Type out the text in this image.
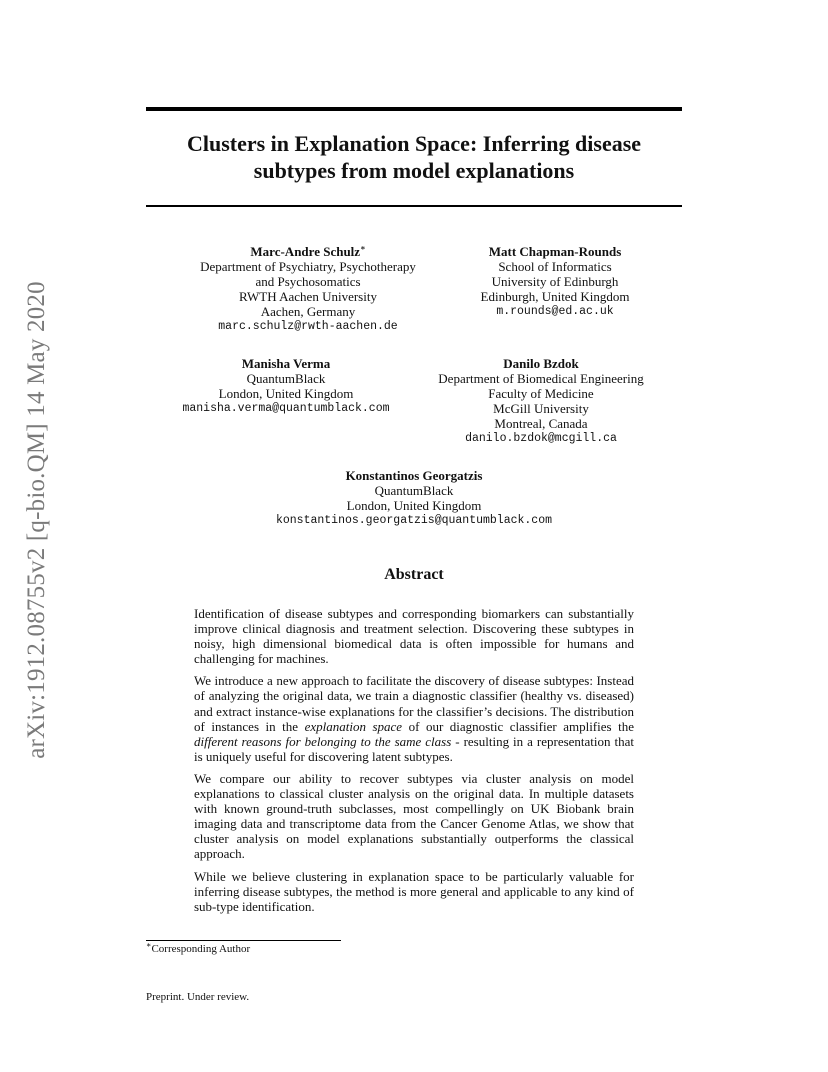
arXiv:1912.08755v2 [q-bio.QM] 14 May 2020
Clusters in Explanation Space: Inferring disease
subtypes from model explanations
Marc-Andre Schulz∗
Department of Psychiatry, Psychotherapy
and Psychosomatics
RWTH Aachen University
Aachen, Germany
marc.schulz@rwth-aachen.de
Matt Chapman-Rounds
School of Informatics
University of Edinburgh
Edinburgh, United Kingdom
m.rounds@ed.ac.uk
Manisha Verma
QuantumBlack
London, United Kingdom
manisha.verma@quantumblack.com
Danilo Bzdok
Department of Biomedical Engineering
Faculty of Medicine
McGill University
Montreal, Canada
danilo.bzdok@mcgill.ca
Konstantinos Georgatzis
QuantumBlack
London, United Kingdom
konstantinos.georgatzis@quantumblack.com
Abstract

Identification of disease subtypes and corresponding biomarkers can substantially improve clinical diagnosis and treatment selection. Discovering these subtypes in noisy, high dimensional biomedical data is often impossible for humans and challenging for machines.

We introduce a new approach to facilitate the discovery of disease subtypes: Instead of analyzing the original data, we train a diagnostic classifier (healthy vs. diseased) and extract instance-wise explanations for the classifier’s decisions. The distribution of instances in the explanation space of our diagnostic classifier amplifies the different reasons for belonging to the same class - resulting in a representation that is uniquely useful for discovering latent subtypes.

We compare our ability to recover subtypes via cluster analysis on model explanations to classical cluster analysis on the original data. In multiple datasets with known ground-truth subclasses, most compellingly on UK Biobank brain imaging data and transcriptome data from the Cancer Genome Atlas, we show that cluster analysis on model explanations substantially outperforms the classical approach.

While we believe clustering in explanation space to be particularly valuable for inferring disease subtypes, the method is more general and applicable to any kind of sub-type identification.

∗Corresponding Author
Preprint. Under review.
